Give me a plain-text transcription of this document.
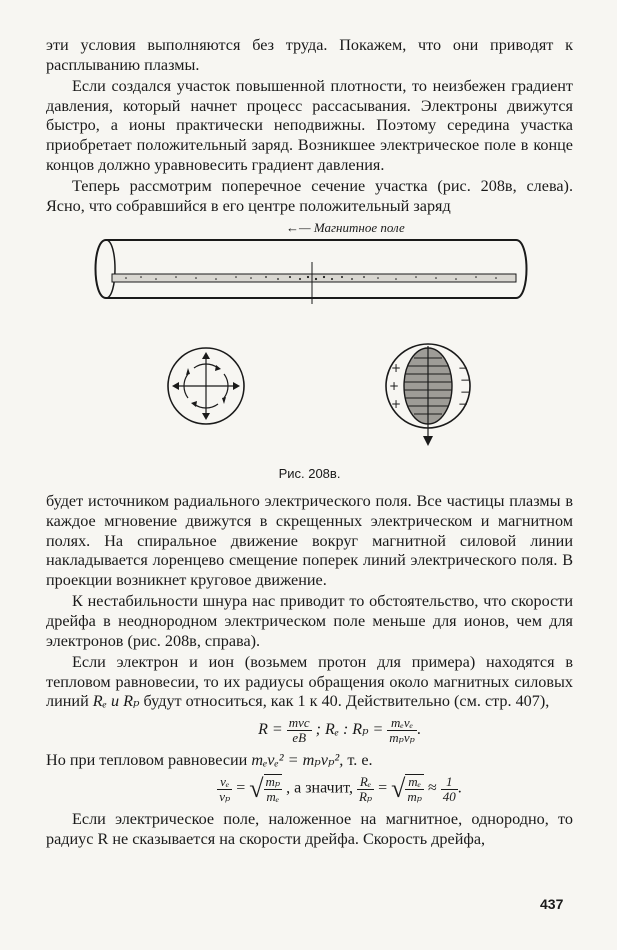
эти условия выполняются без труда. Покажем, что они приводят к расплыванию плазмы.

Если создался участок повышенной плотности, то неизбежен градиент давления, который начнет процесс рассасывания. Электроны движутся быстро, а ионы практически неподвижны. Поэтому середина участка приобретает положительный заряд. Возникшее электрическое поле в конце концов должно уравновесить градиент давления.

Теперь рассмотрим поперечное сечение участка (рис. 208в, слева). Ясно, что собравшийся в его центре положительный заряд

←— Магнитное поле
+
+
+
−
−
−
−
Рис. 208в.

будет источником радиального электрического поля. Все частицы плазмы в каждое мгновение движутся в скрещенных электрическом и магнитном полях. На спиральное движение вокруг магнитной силовой линии накладывается лоренцево смещение поперек линий электрического поля. В проекции возникнет круговое движение.

К нестабильности шнура нас приводит то обстоятельство, что скорости дрейфа в неоднородном электрическом поле меньше для ионов, чем для электронов (рис. 208в, справа).

Если электрон и ион (возьмем протон для примера) находятся в тепловом равновесии, то их радиусы обращения около магнитных силовых линий Rₑ и Rₚ будут относиться, как 1 к 40. Действительно (см. стр. 407),

$R = \frac{\text{mvc}}{eB}$ ; Rₑ : $R_p = \frac{\text{mₑvₑ}}{\text{mₚvₚ}}$ .

Но при тепловом равновесии mₑvₑ² = mₚvₚ², т. е.

$\frac{\text{vₑ}}{\text{vₚ}}$ = √ $\frac{\text{mₚ}}{\text{mₑ}}$ , а значит, $\frac{\text{Rₑ}}{\text{Rₚ}}$ = √ $\frac{\text{mₑ}}{\text{mₚ}} \approx \frac{1}{40}$ .

Если электрическое поле, наложенное на магнитное, однородно, то радиус R не сказывается на скорости дрейфа. Скорость дрейфа,

437
